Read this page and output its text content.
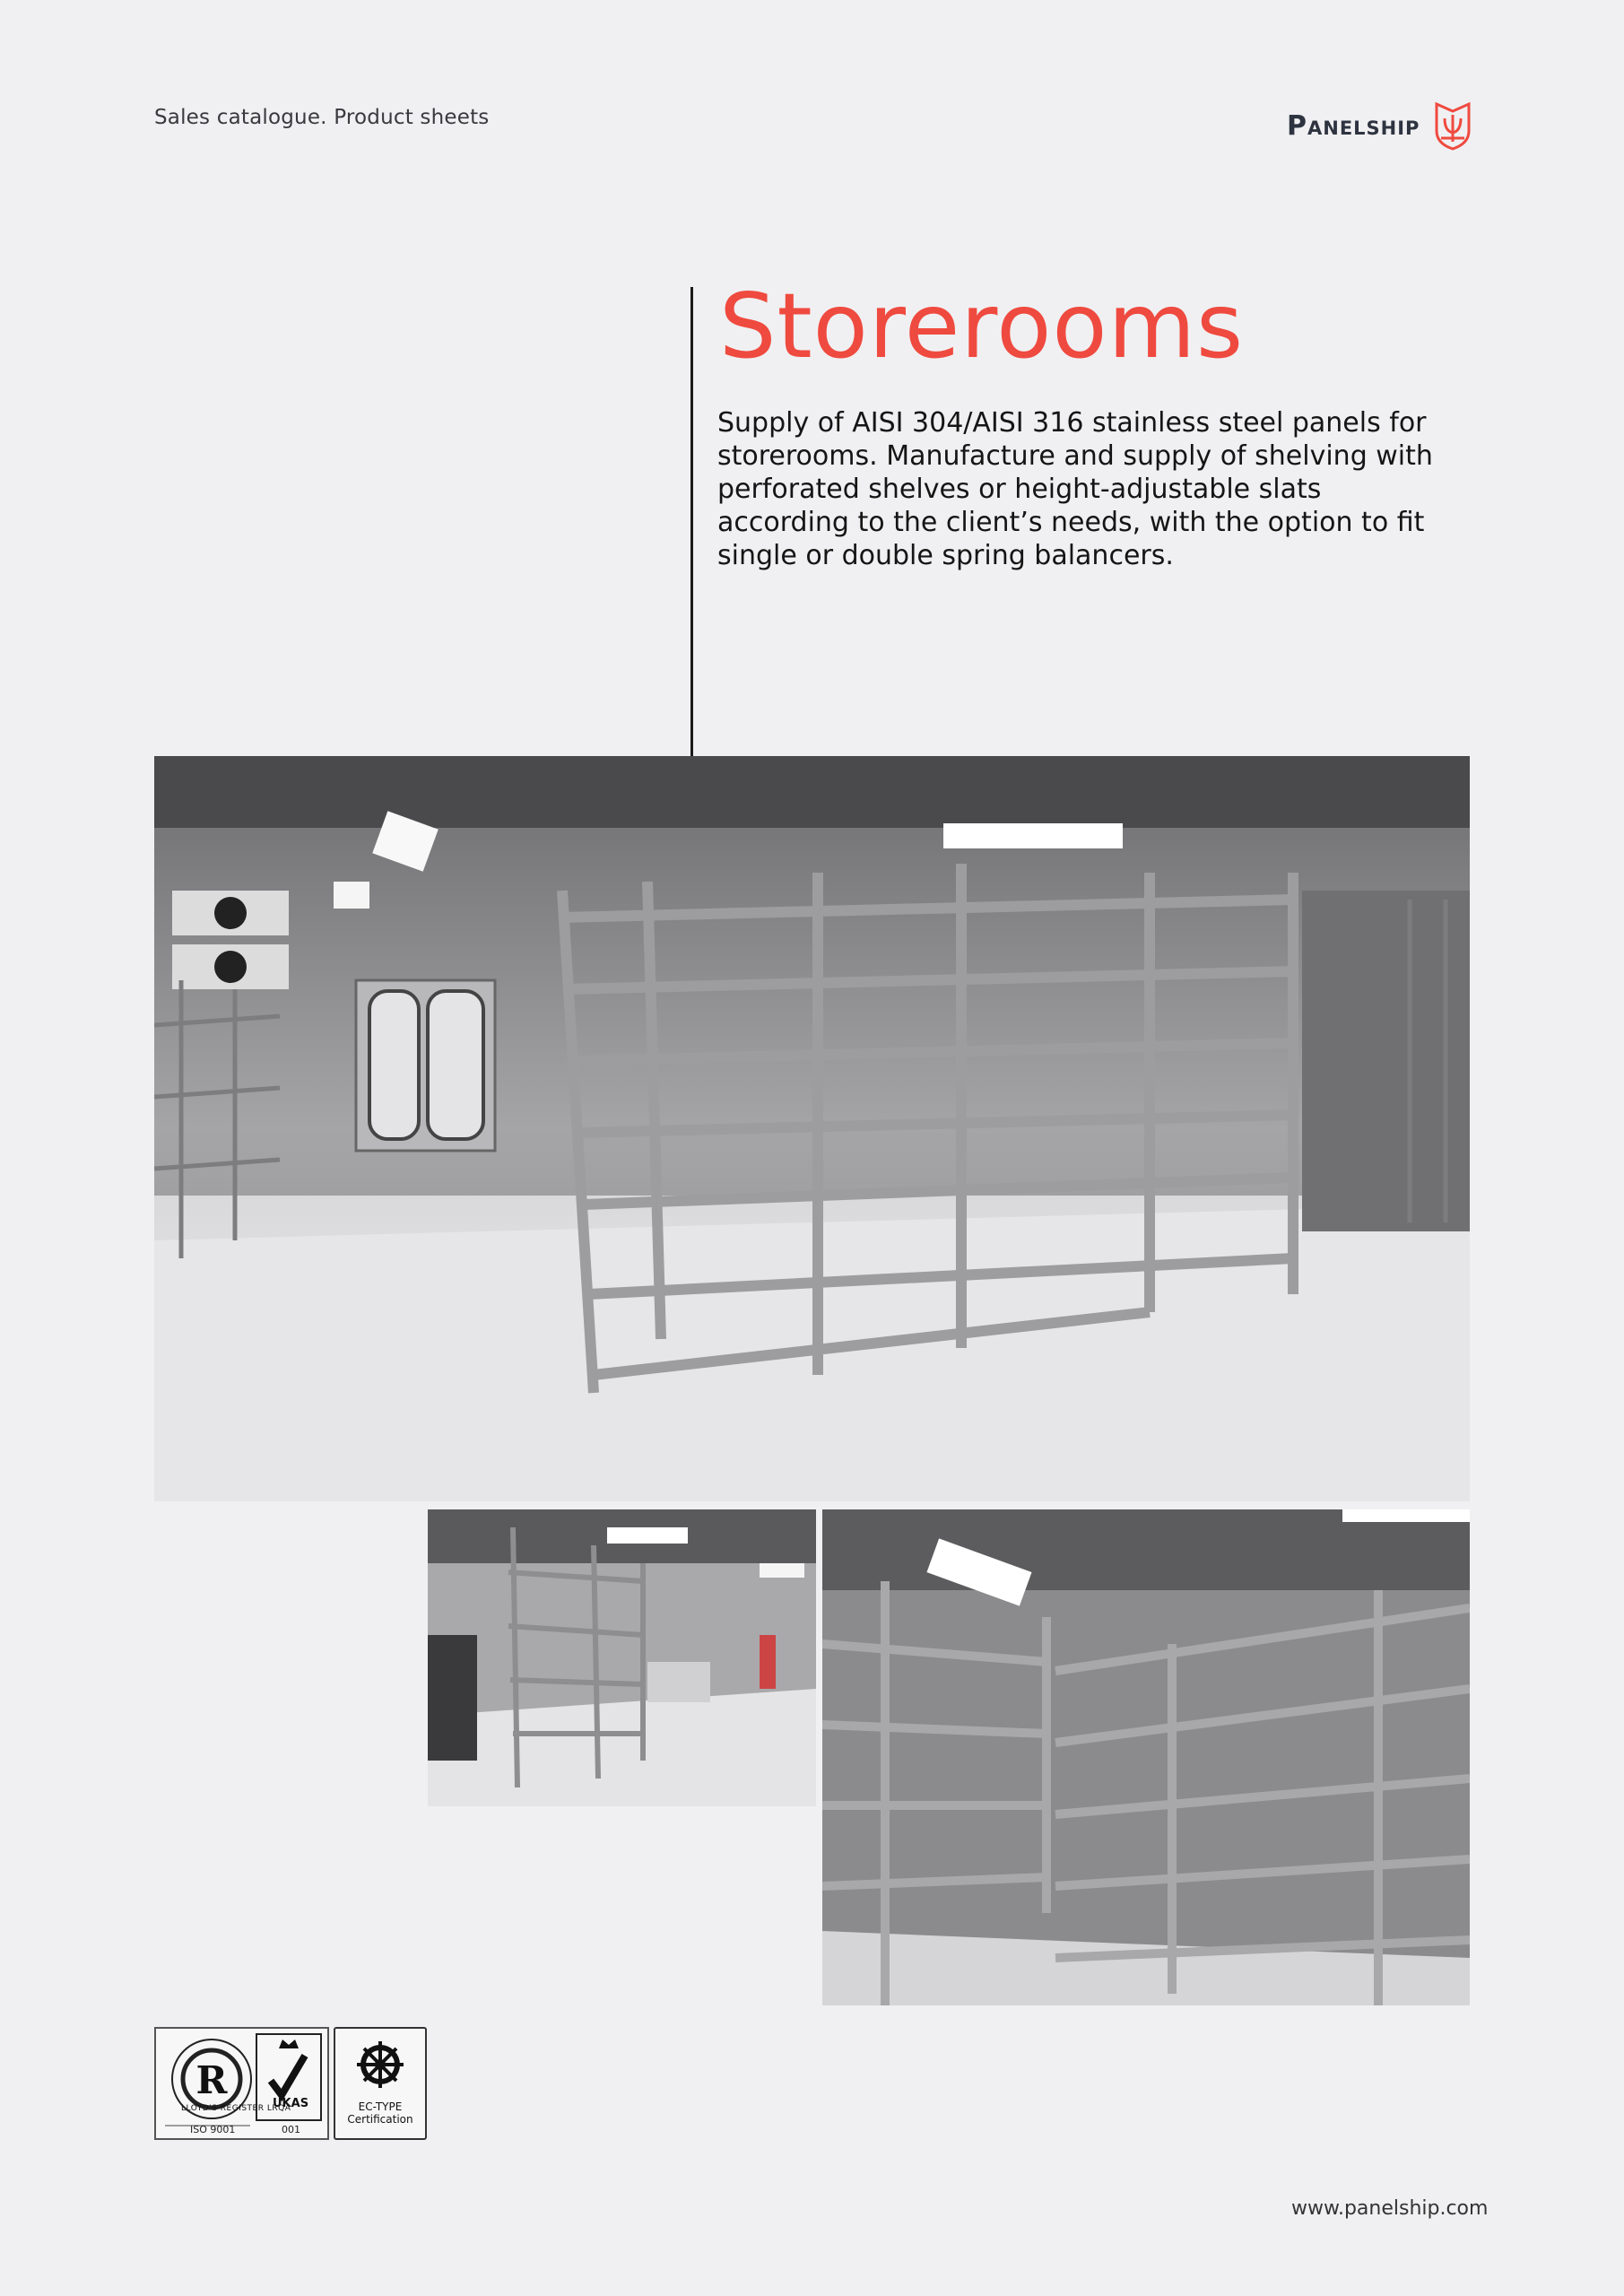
Sales catalogue. Product sheets	Panelship
Storerooms
Supply of AISI 304/AISI 316 stainless steel panels for storerooms. Manufacture and supply of shelving with perforated shelves or height-adjustable slats according to the client’s needs, with the option to fit single or double spring balancers.
R
LLOYD'S REGISTER LRQA
UKAS
ISO 9001	001
EC-TYPE
Certification
www.panelship.com
